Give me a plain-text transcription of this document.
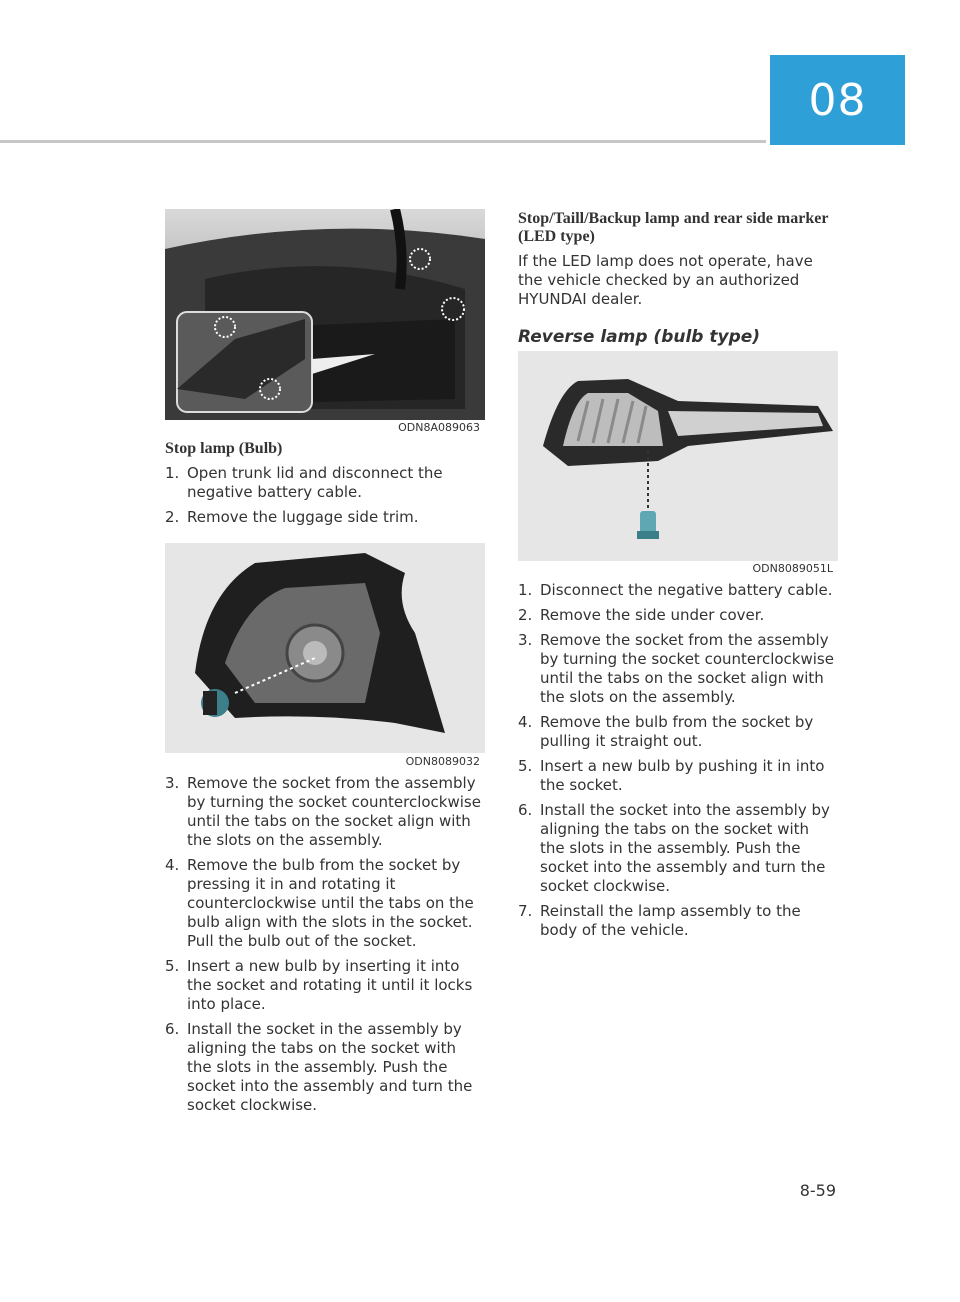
08
ODN8A089063
Stop lamp (Bulb)
1. Open trunk lid and disconnect the negative battery cable.
2. Remove the luggage side trim.
ODN8089032
3. Remove the socket from the assembly by turning the socket counterclockwise until the tabs on the socket align with the slots on the assembly.
4. Remove the bulb from the socket by pressing it in and rotating it counterclockwise until the tabs on the bulb align with the slots in the socket. Pull the bulb out of the socket.
5. Insert a new bulb by inserting it into the socket and rotating it until it locks into place.
6. Install the socket in the assembly by aligning the tabs on the socket with the slots in the assembly. Push the socket into the assembly and turn the socket clockwise.
Stop/Taill/Backup lamp and rear side marker (LED type)
If the LED lamp does not operate, have the vehicle checked by an authorized HYUNDAI dealer.
Reverse lamp (bulb type)
ODN8089051L
1. Disconnect the negative battery cable.
2. Remove the side under cover.
3. Remove the socket from the assembly by turning the socket counterclockwise until the tabs on the socket align with the slots on the assembly.
4. Remove the bulb from the socket by pulling it straight out.
5. Insert a new bulb by pushing it in into the socket.
6. Install the socket into the assembly by aligning the tabs on the socket with the slots in the assembly. Push the socket into the assembly and turn the socket clockwise.
7. Reinstall the lamp assembly to the body of the vehicle.
8-59
